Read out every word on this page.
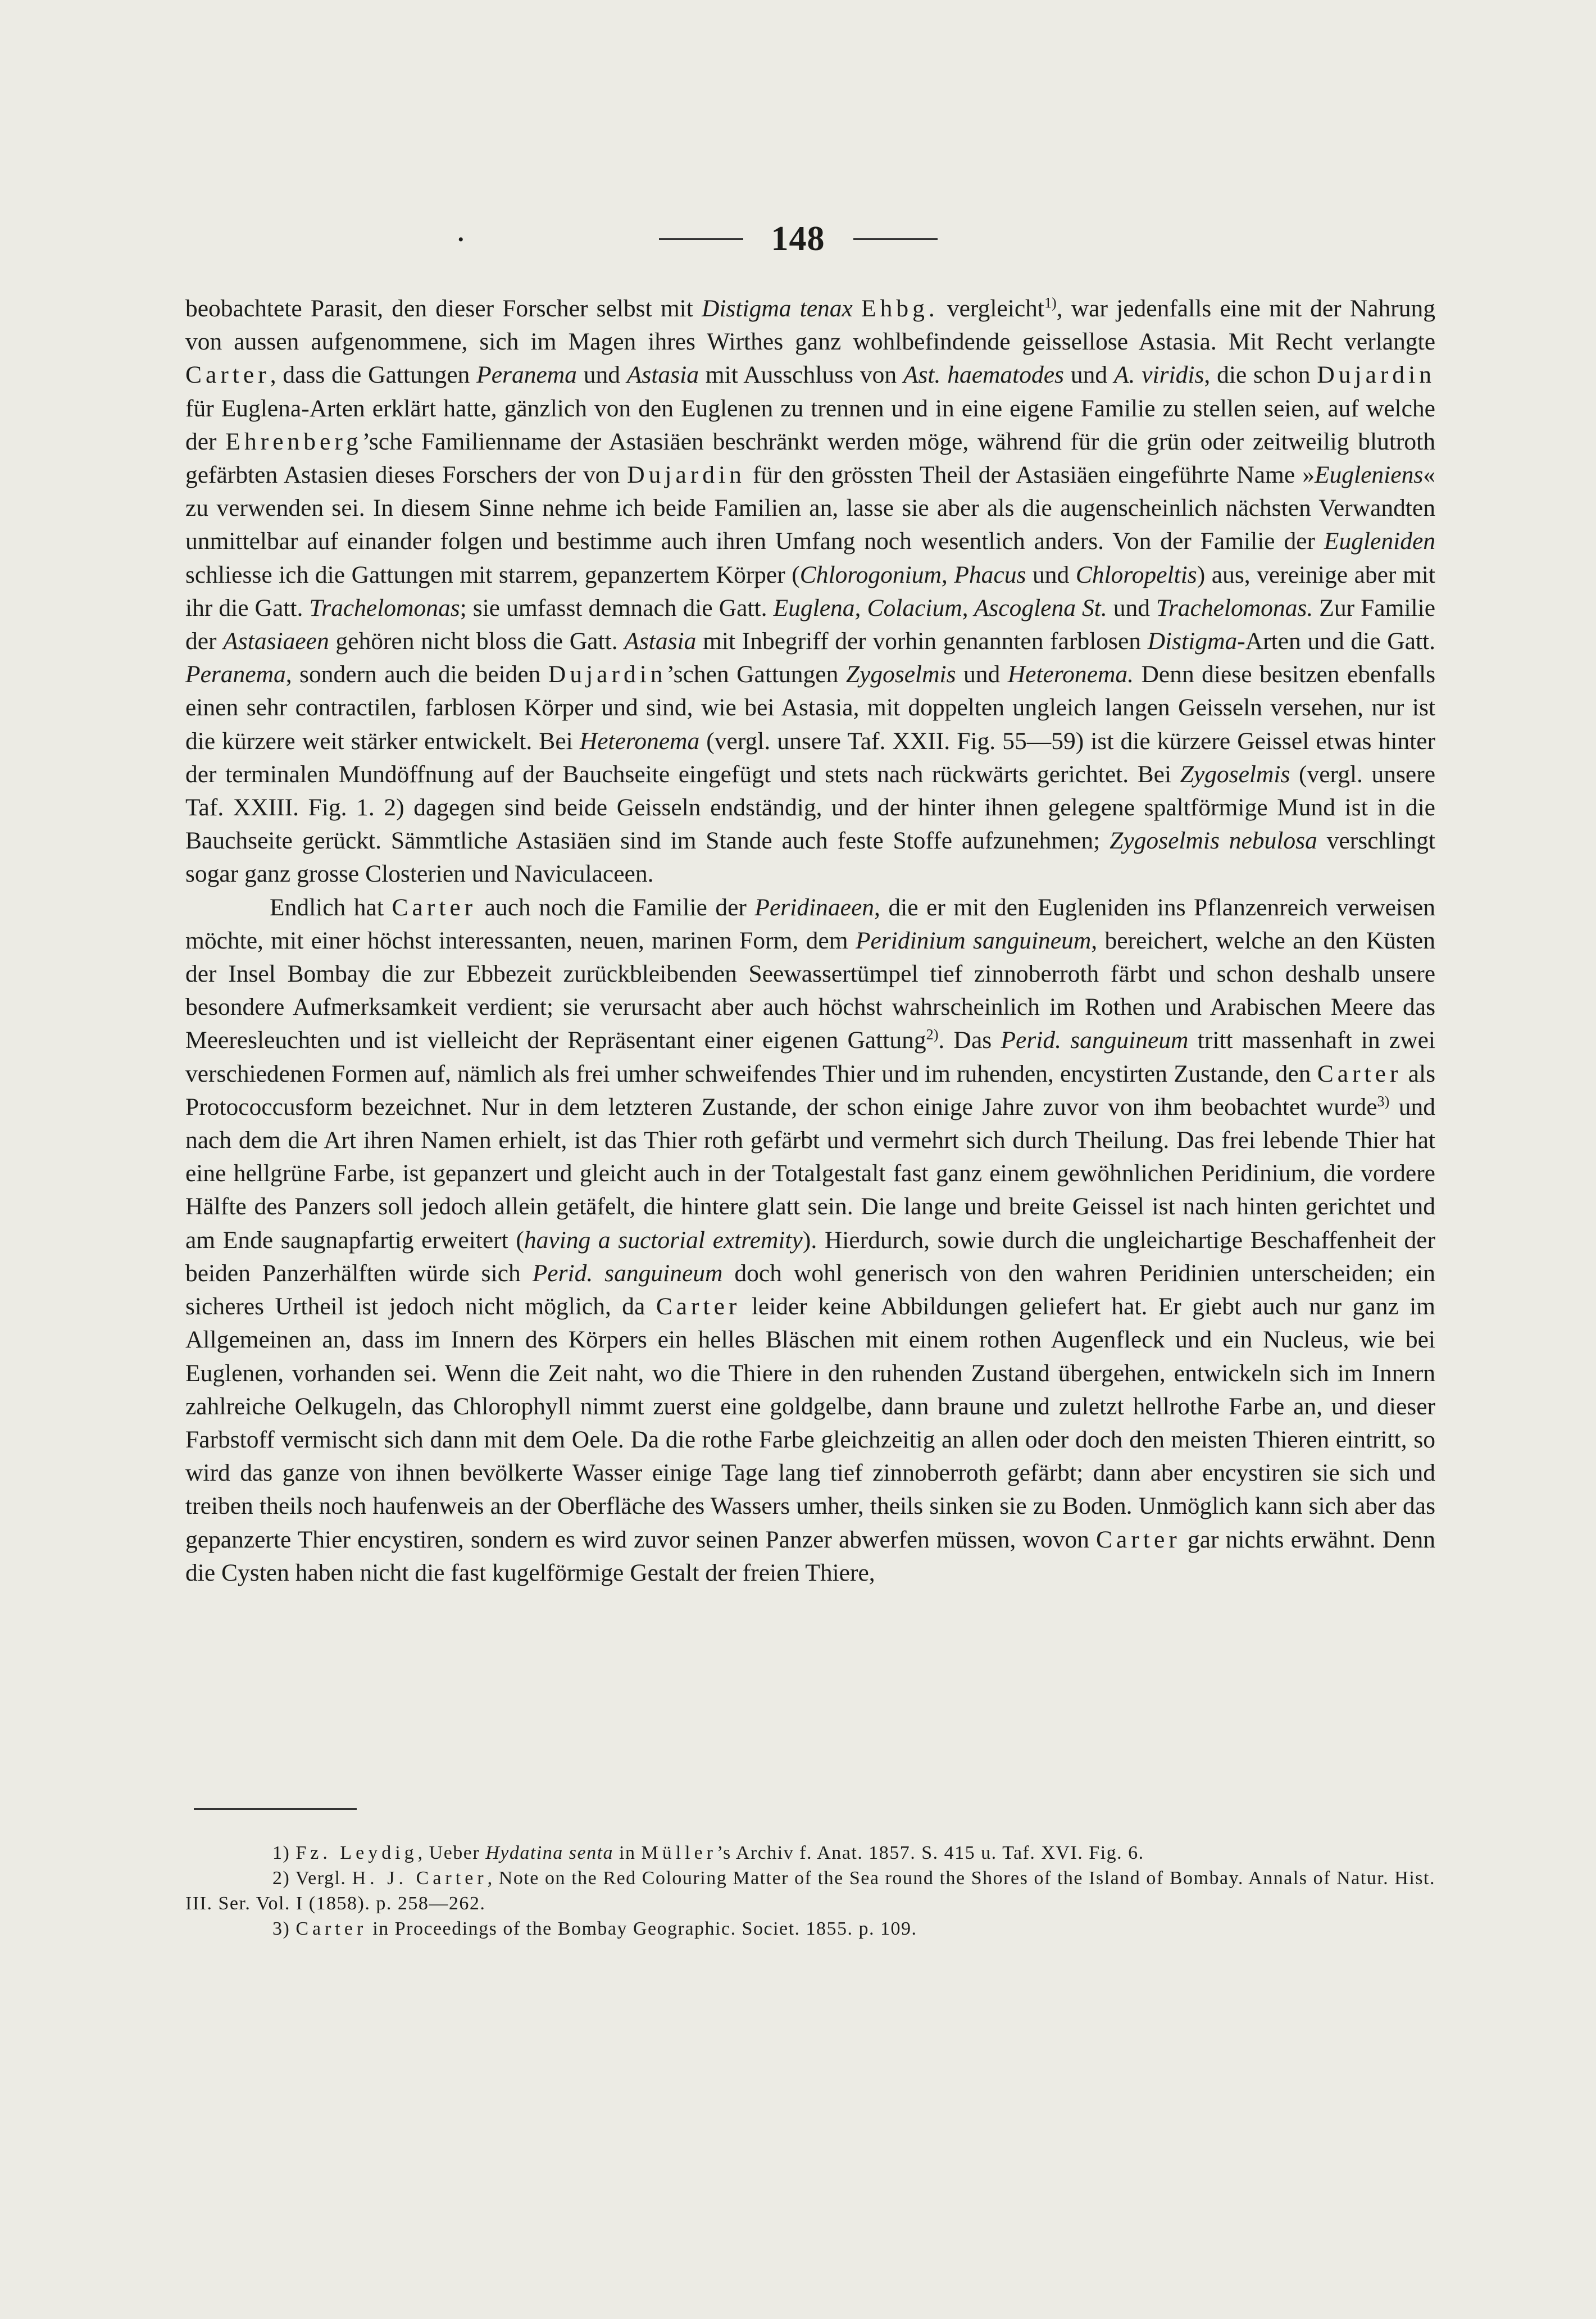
•	148

beobachtete Parasit, den dieser Forscher selbst mit Distigma tenax Ehbg. vergleicht$^{1)}$, war jedenfalls eine mit der Nahrung von aussen aufgenommene, sich im Magen ihres Wirthes ganz wohlbefindende geissellose Astasia. Mit Recht verlangte Carter, dass die Gattungen Peranema und Astasia mit Ausschluss von Ast. haematodes und A. viridis, die schon Dujardin für Euglena-Arten erklärt hatte, gänzlich von den Euglenen zu trennen und in eine eigene Familie zu stellen seien, auf welche der Ehrenberg’sche Familienname der Astasiäen beschränkt werden möge, während für die grün oder zeitweilig blutroth gefärbten Astasien dieses Forschers der von Dujardin für den grössten Theil der Astasiäen eingeführte Name »Eugleniens« zu verwenden sei. In diesem Sinne nehme ich beide Familien an, lasse sie aber als die augenscheinlich nächsten Verwandten unmittelbar auf einander folgen und bestimme auch ihren Umfang noch wesentlich anders. Von der Familie der Eugleniden schliesse ich die Gattungen mit starrem, gepanzertem Körper (Chlorogonium, Phacus und Chloropeltis) aus, vereinige aber mit ihr die Gatt. Trachelomonas; sie umfasst demnach die Gatt. Euglena, Colacium, Ascoglena St. und Trachelomonas. Zur Familie der Astasiaeen gehören nicht bloss die Gatt. Astasia mit Inbegriff der vorhin genannten farblosen Distigma-Arten und die Gatt. Peranema, sondern auch die beiden Dujardin’schen Gattungen Zygoselmis und Heteronema. Denn diese besitzen ebenfalls einen sehr contractilen, farblosen Körper und sind, wie bei Astasia, mit doppelten ungleich langen Geisseln versehen, nur ist die kürzere weit stärker entwickelt. Bei Heteronema (vergl. unsere Taf. XXII. Fig. 55—59) ist die kürzere Geissel etwas hinter der terminalen Mundöffnung auf der Bauchseite eingefügt und stets nach rückwärts gerichtet. Bei Zygoselmis (vergl. unsere Taf. XXIII. Fig. 1. 2) dagegen sind beide Geisseln endständig, und der hinter ihnen gelegene spaltförmige Mund ist in die Bauchseite gerückt. Sämmtliche Astasiäen sind im Stande auch feste Stoffe aufzunehmen; Zygoselmis nebulosa verschlingt sogar ganz grosse Closterien und Naviculaceen.

Endlich hat Carter auch noch die Familie der Peridinaeen, die er mit den Eugleniden ins Pflanzenreich verweisen möchte, mit einer höchst interessanten, neuen, marinen Form, dem Peridinium sanguineum, bereichert, welche an den Küsten der Insel Bombay die zur Ebbezeit zurückbleibenden Seewassertümpel tief zinnoberroth färbt und schon deshalb unsere besondere Aufmerksamkeit verdient; sie verursacht aber auch höchst wahrscheinlich im Rothen und Arabischen Meere das Meeresleuchten und ist vielleicht der Repräsentant einer eigenen Gattung$^{2)}$. Das Perid. sanguineum tritt massenhaft in zwei verschiedenen Formen auf, nämlich als frei umher schweifendes Thier und im ruhenden, encystirten Zustande, den Carter als Protococcusform bezeichnet. Nur in dem letzteren Zustande, der schon einige Jahre zuvor von ihm beobachtet wurde$^{3)}$ und nach dem die Art ihren Namen erhielt, ist das Thier roth gefärbt und vermehrt sich durch Theilung. Das frei lebende Thier hat eine hellgrüne Farbe, ist gepanzert und gleicht auch in der Totalgestalt fast ganz einem gewöhnlichen Peridinium, die vordere Hälfte des Panzers soll jedoch allein getäfelt, die hintere glatt sein. Die lange und breite Geissel ist nach hinten gerichtet und am Ende saugnapfartig erweitert (having a suctorial extremity). Hierdurch, sowie durch die ungleichartige Beschaffenheit der beiden Panzerhälften würde sich Perid. sanguineum doch wohl generisch von den wahren Peridinien unterscheiden; ein sicheres Urtheil ist jedoch nicht möglich, da Carter leider keine Abbildungen geliefert hat. Er giebt auch nur ganz im Allgemeinen an, dass im Innern des Körpers ein helles Bläschen mit einem rothen Augenfleck und ein Nucleus, wie bei Euglenen, vorhanden sei. Wenn die Zeit naht, wo die Thiere in den ruhenden Zustand übergehen, entwickeln sich im Innern zahlreiche Oelkugeln, das Chlorophyll nimmt zuerst eine goldgelbe, dann braune und zuletzt hellrothe Farbe an, und dieser Farbstoff vermischt sich dann mit dem Oele. Da die rothe Farbe gleichzeitig an allen oder doch den meisten Thieren eintritt, so wird das ganze von ihnen bevölkerte Wasser einige Tage lang tief zinnoberroth gefärbt; dann aber encystiren sie sich und treiben theils noch haufenweis an der Oberfläche des Wassers umher, theils sinken sie zu Boden. Unmöglich kann sich aber das gepanzerte Thier encystiren, sondern es wird zuvor seinen Panzer abwerfen müssen, wovon Carter gar nichts erwähnt. Denn die Cysten haben nicht die fast kugelförmige Gestalt der freien Thiere,

1) Fz. Leydig, Ueber Hydatina senta in Müller’s Archiv f. Anat. 1857. S. 415 u. Taf. XVI. Fig. 6.
2) Vergl. H. J. Carter, Note on the Red Colouring Matter of the Sea round the Shores of the Island of Bombay. Annals of Natur. Hist. III. Ser. Vol. I (1858). p. 258—262.
3) Carter in Proceedings of the Bombay Geographic. Societ. 1855. p. 109.
